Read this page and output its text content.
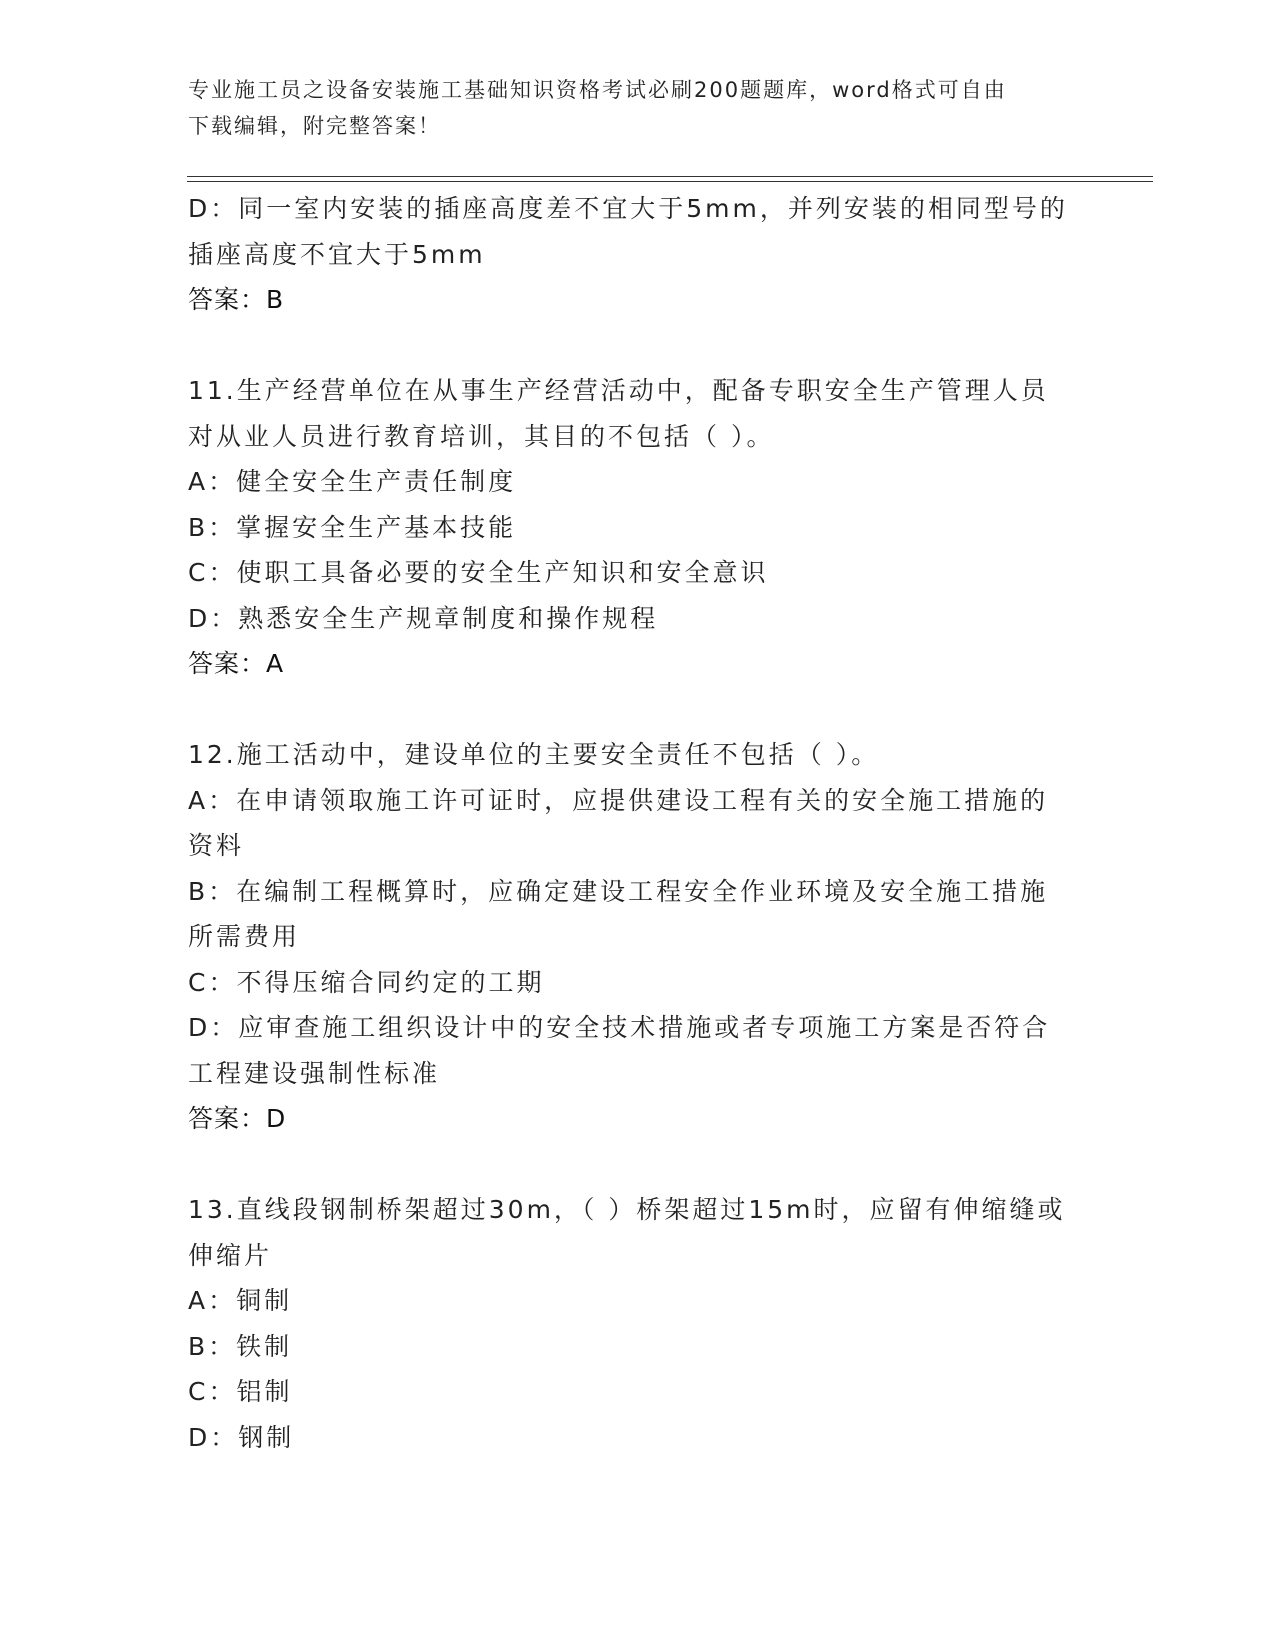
专业施工员之设备安装施工基础知识资格考试必刷200题题库，word格式可自由
下载编辑，附完整答案！
D：同一室内安装的插座高度差不宜大于5mm，并列安装的相同型号的
插座高度不宜大于5mm
答案：B
11.生产经营单位在从事生产经营活动中，配备专职安全生产管理人员
对从业人员进行教育培训，其目的不包括（ ）。
A：健全安全生产责任制度
B：掌握安全生产基本技能
C：使职工具备必要的安全生产知识和安全意识
D：熟悉安全生产规章制度和操作规程
答案：A
12.施工活动中，建设单位的主要安全责任不包括（ ）。
A：在申请领取施工许可证时，应提供建设工程有关的安全施工措施的
资料
B：在编制工程概算时，应确定建设工程安全作业环境及安全施工措施
所需费用
C：不得压缩合同约定的工期
D：应审查施工组织设计中的安全技术措施或者专项施工方案是否符合
工程建设强制性标准
答案：D
13.直线段钢制桥架超过30m，（ ）桥架超过15m时，应留有伸缩缝或
伸缩片
A：铜制
B：铁制
C：铝制
D：钢制
